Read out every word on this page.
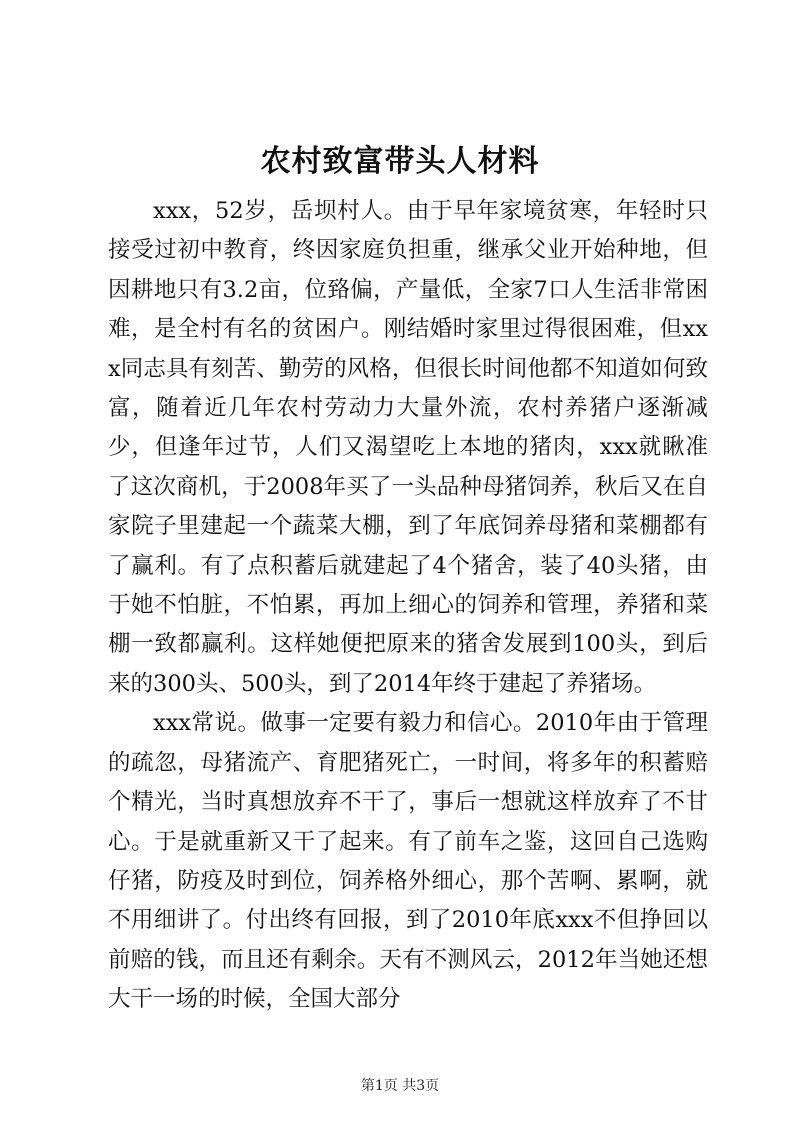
农村致富带头人材料

xxx，52岁，岳坝村人。由于早年家境贫寒，年轻时只接受过初中教育，终因家庭负担重，继承父业开始种地，但因耕地只有3.2亩，位臵偏，产量低，全家7口人生活非常困难，是全村有名的贫困户。刚结婚时家里过得很困难，但xxx同志具有刻苦、勤劳的风格，但很长时间他都不知道如何致富，随着近几年农村劳动力大量外流，农村养猪户逐渐减少，但逢年过节，人们又渴望吃上本地的猪肉，xxx就瞅准了这次商机，于2008年买了一头品种母猪饲养，秋后又在自家院子里建起一个蔬菜大棚，到了年底饲养母猪和菜棚都有了赢利。有了点积蓄后就建起了4个猪舍，装了40头猪，由于她不怕脏，不怕累，再加上细心的饲养和管理，养猪和菜棚一致都赢利。这样她便把原来的猪舍发展到100头，到后来的300头、500头，到了2014年终于建起了养猪场。

xxx常说。做事一定要有毅力和信心。2010年由于管理的疏忽，母猪流产、育肥猪死亡，一时间，将多年的积蓄赔个精光，当时真想放弃不干了，事后一想就这样放弃了不甘心。于是就重新又干了起来。有了前车之鉴，这回自己选购仔猪，防疫及时到位，饲养格外细心，那个苦啊、累啊，就不用细讲了。付出终有回报，到了2010年底xxx不但挣回以前赔的钱，而且还有剩余。天有不测风云，2012年当她还想大干一场的时候，全国大部分

第1页 共3页
